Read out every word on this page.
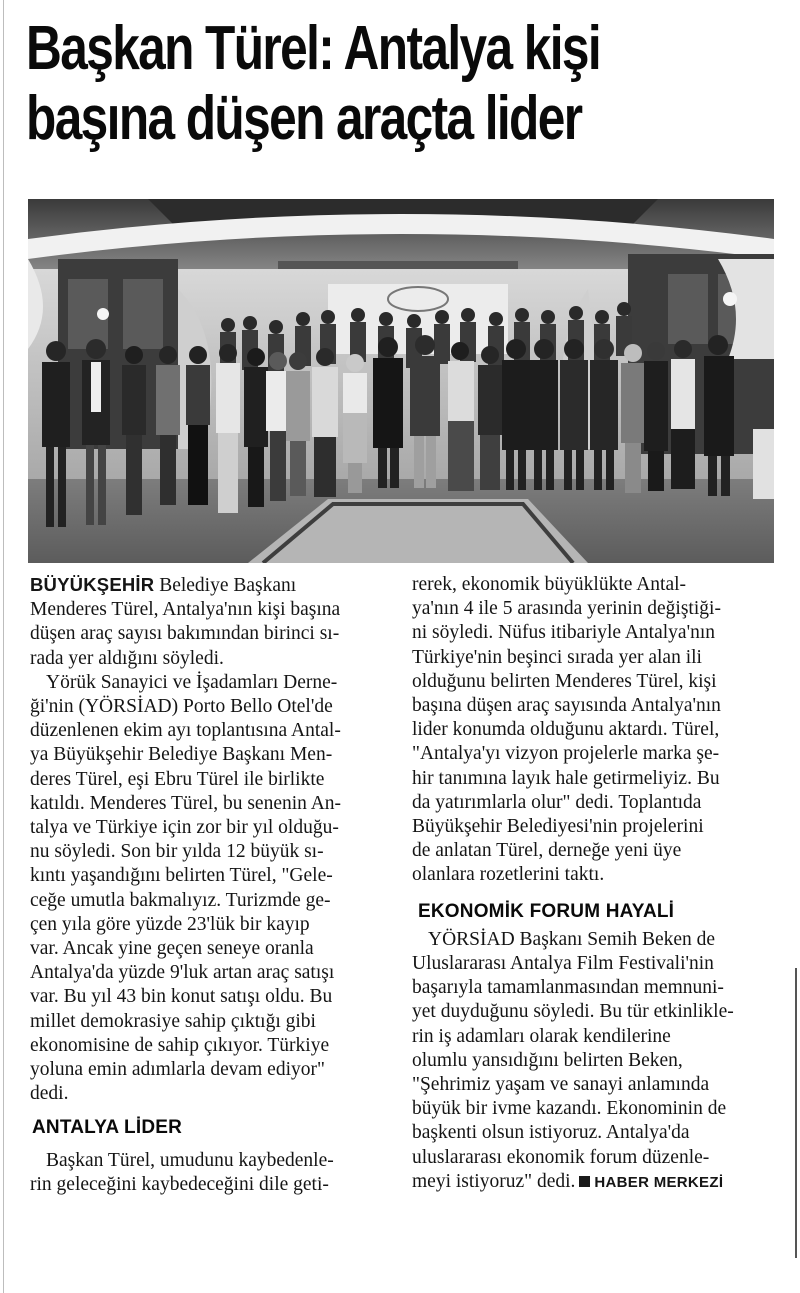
Başkan Türel: Antalya kişi
başına düşen araçta lider

BÜYÜKŞEHİR Belediye Başkanı

Menderes Türel, Antalya'nın kişi başına

düşen araç sayısı bakımından birinci sı-

rada yer aldığını söyledi.

Yörük Sanayici ve İşadamları Derne-

ği'nin (YÖRSİAD) Porto Bello Otel'de

düzenlenen ekim ayı toplantısına Antal-

ya Büyükşehir Belediye Başkanı Men-

deres Türel, eşi Ebru Türel ile birlikte

katıldı. Menderes Türel, bu senenin An-

talya ve Türkiye için zor bir yıl olduğu-

nu söyledi. Son bir yılda 12 büyük sı-

kıntı yaşandığını belirten Türel, "Gele-

ceğe umutla bakmalıyız. Turizmde ge-

çen yıla göre yüzde 23'lük bir kayıp

var. Ancak yine geçen seneye oranla

Antalya'da yüzde 9'luk artan araç satışı

var. Bu yıl 43 bin konut satışı oldu. Bu

millet demokrasiye sahip çıktığı gibi

ekonomisine de sahip çıkıyor. Türkiye

yoluna emin adımlarla devam ediyor"

dedi.

ANTALYA LİDER

Başkan Türel, umudunu kaybedenle-

rin geleceğini kaybedeceğini dile geti-

rerek, ekonomik büyüklükte Antal-

ya'nın 4 ile 5 arasında yerinin değiştiği-

ni söyledi. Nüfus itibariyle Antalya'nın

Türkiye'nin beşinci sırada yer alan ili

olduğunu belirten Menderes Türel, kişi

başına düşen araç sayısında Antalya'nın

lider konumda olduğunu aktardı. Türel,

"Antalya'yı vizyon projelerle marka şe-

hir tanımına layık hale getirmeliyiz. Bu

da yatırımlarla olur" dedi. Toplantıda

Büyükşehir Belediyesi'nin projelerini

de anlatan Türel, derneğe yeni üye

olanlara rozetlerini taktı.

EKONOMİK FORUM HAYALİ

YÖRSİAD Başkanı Semih Beken de

Uluslararası Antalya Film Festivali'nin

başarıyla tamamlanmasından memnuni-

yet duyduğunu söyledi. Bu tür etkinlikle-

rin iş adamları olarak kendilerine

olumlu yansıdığını belirten Beken,

"Şehrimiz yaşam ve sanayi anlamında

büyük bir ivme kazandı. Ekonominin de

başkenti olsun istiyoruz. Antalya'da

uluslararası ekonomik forum düzenle-

meyi istiyoruz" dedi. HABER MERKEZİ
